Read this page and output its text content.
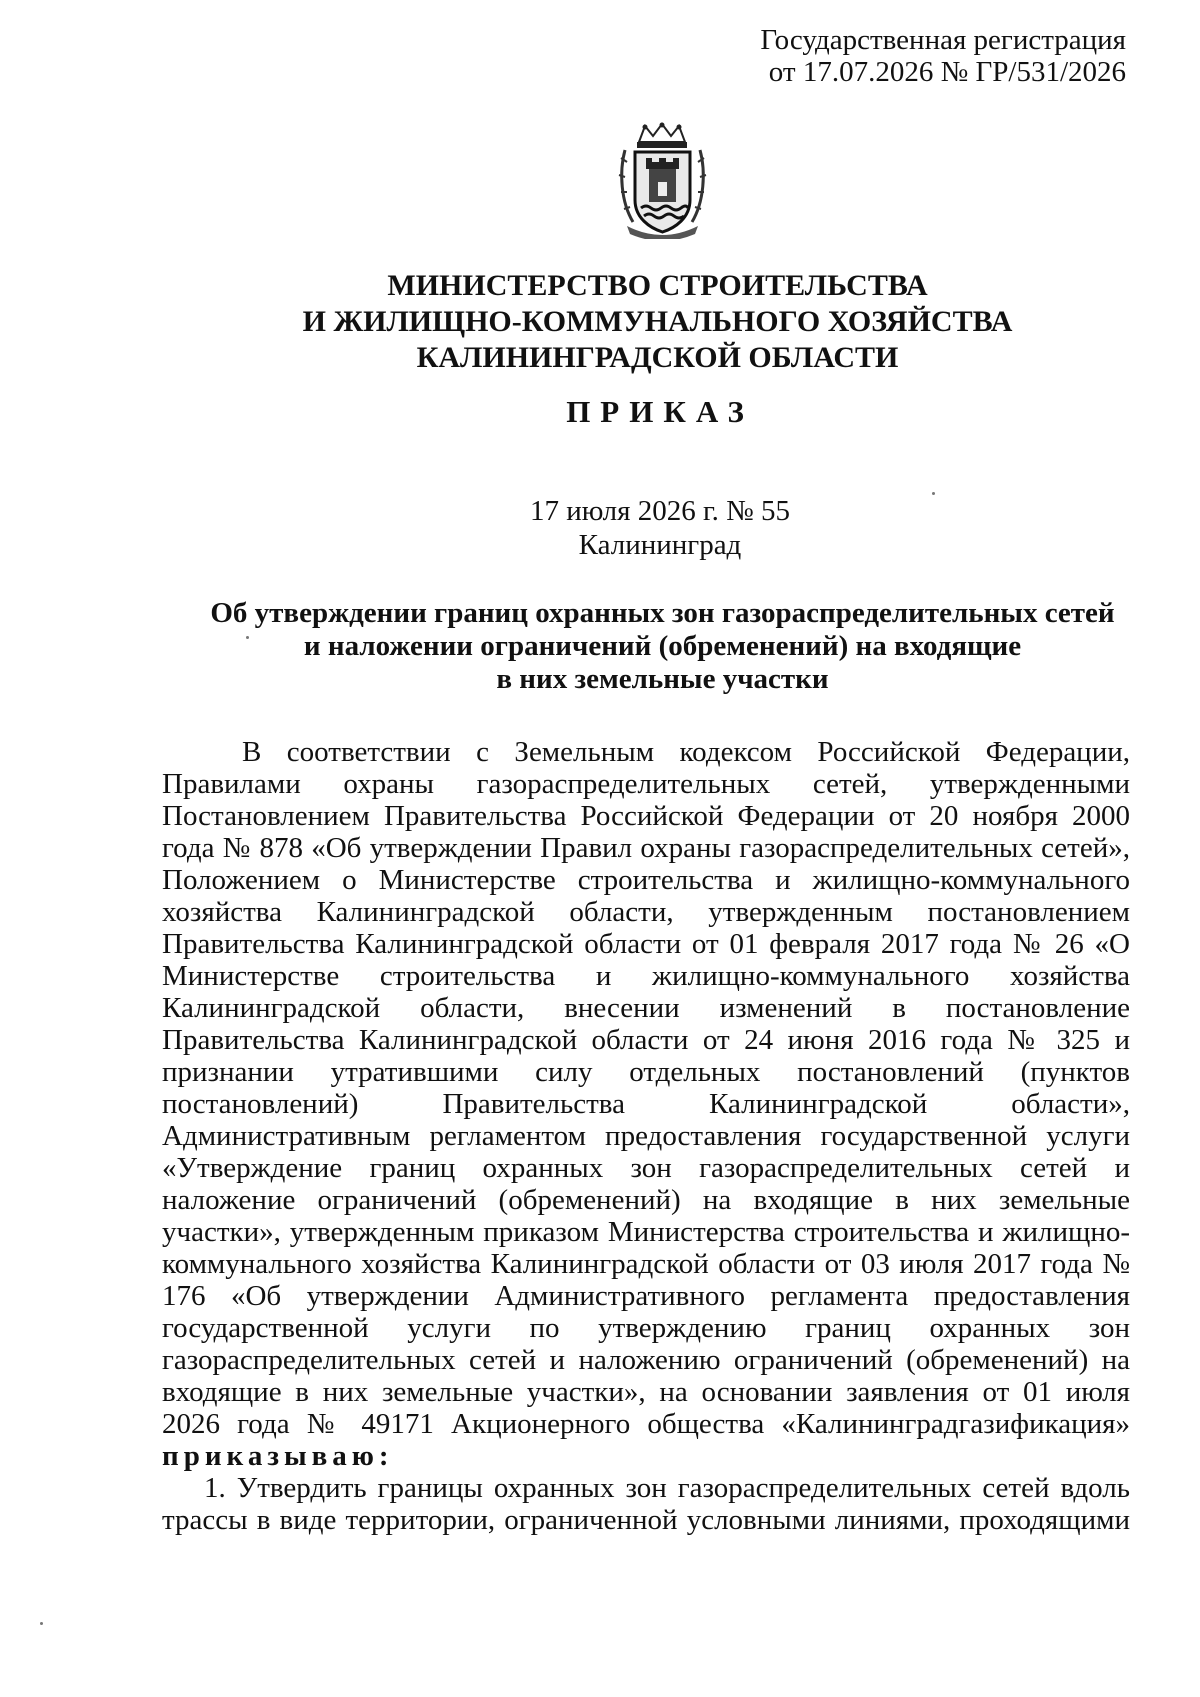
Государственная регистрация
от 17.07.2026 № ГР/531/2026
МИНИСТЕРСТВО СТРОИТЕЛЬСТВА
И ЖИЛИЩНО-КОММУНАЛЬНОГО ХОЗЯЙСТВА
КАЛИНИНГРАДСКОЙ ОБЛАСТИ
ПРИКАЗ
17 июля 2026 г. № 55
Калининград
Об утверждении границ охранных зон газораспределительных сетей
и наложении ограничений (обременений) на входящие
в них земельные участки

В соответствии с Земельным кодексом Российской Федерации, Правилами охраны газораспределительных сетей, утвержденными Постановлением Правительства Российской Федерации от 20 ноября 2000 года № 878 «Об утверждении Правил охраны газораспределительных сетей», Положением о Министерстве строительства и жилищно-коммунального хозяйства Калининградской области, утвержденным постановлением Правительства Калининградской области от 01 февраля 2017 года № 26 «О Министерстве строительства и жилищно-коммунального хозяйства Калининградской области, внесении изменений в постановление Правительства Калининградской области от 24 июня 2016 года № 325 и признании утратившими силу отдельных постановлений (пунктов постановлений) Правительства Калининградской области», Административным регламентом предоставления государственной услуги «Утверждение границ охранных зон газораспределительных сетей и наложение ограничений (обременений) на входящие в них земельные участки», утвержденным приказом Министерства строительства и жилищно-коммунального хозяйства Калининградской области от 03 июля 2017 года № 176 «Об утверждении Административного регламента предоставления государственной услуги по утверждению границ охранных зон газораспределительных сетей и наложению ограничений (обременений) на входящие в них земельные участки», на основании заявления от 01 июля 2026 года № 49171 Акционерного общества «Калининградгазификация» приказываю:

1. Утвердить границы охранных зон газораспределительных сетей вдоль трассы в виде территории, ограниченной условными линиями, проходящими
